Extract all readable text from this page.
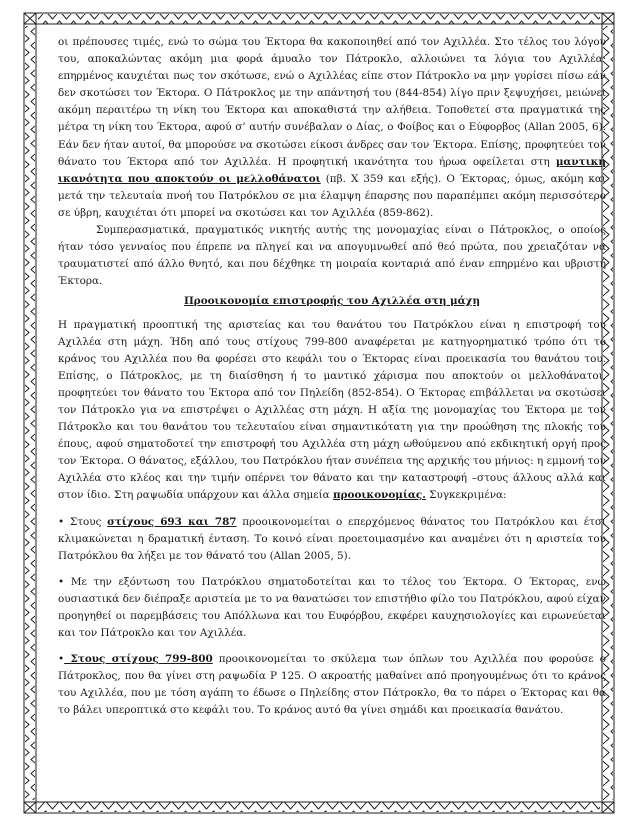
οι πρέπουσες τιμές, ενώ το σώμα του Έκτορα θα κακοποιηθεί από τον Αχιλλέα. Στο τέλος του λόγου του, αποκαλώντας ακόμη μια φορά άμυαλο τον Πάτροκλο, αλλοιώνει τα λόγια του Αχιλλέα· επηρμένος καυχιέται πως τον σκότωσε, ενώ ο Αχιλλέας είπε στον Πάτροκλο να μην γυρίσει πίσω εάν δεν σκοτώσει τον Έκτορα. Ο Πάτροκλος με την απάντησή του (844-854) λίγο πριν ξεψυχήσει, μειώνει ακόμη περαιτέρω τη νίκη του Έκτορα και αποκαθιστά την αλήθεια. Τοποθετεί στα πραγματικά της μέτρα τη νίκη του Έκτορα, αφού σ’ αυτήν συνέβαλαν ο Δίας, ο Φοίβος και ο Εύφορβος (Allan 2005, 6). Εάν δεν ήταν αυτοί, θα μπορούσε να σκοτώσει είκοσι άνδρες σαν τον Έκτορα. Επίσης, προφητεύει τον θάνατο του Έκτορα από τον Αχιλλέα. Η προφητική ικανότητα του ήρωα οφείλεται στη μαντική ικανότητα που αποκτούν οι μελλοθάνατοι (πβ. Χ 359 και εξής). Ο Έκτορας, όμως, ακόμη και μετά την τελευταία πνοή του Πατρόκλου σε μια έλαμψη έπαρσης που παραπέμπει ακόμη περισσότερο σε ύβρη, καυχιέται ότι μπορεί να σκοτώσει και τον Αχιλλέα (859-862).

Συμπερασματικά, πραγματικός νικητής αυτής της μονομαχίας είναι ο Πάτροκλος, ο οποίος ήταν τόσο γενναίος που έπρεπε να πληγεί και να απογυμνωθεί από θεό πρώτα, που χρειαζόταν να τραυματιστεί από άλλο θνητό, και που δέχθηκε τη μοιραία κονταριά από έναν επηρμένο και υβριστή Έκτορα.

Προοικονομία επιστροφής του Αχιλλέα στη μάχη

Η πραγματική προοπτική της αριστείας και του θανάτου του Πατρόκλου είναι η επιστροφή του Αχιλλέα στη μάχη. Ήδη από τους στίχους 799-800 αναφέρεται με κατηγορηματικό τρόπο ότι το κράνος του Αχιλλέα που θα φορέσει στο κεφάλι του ο Έκτορας είναι προεικασία του θανάτου του. Επίσης, ο Πάτροκλος, με τη διαίσθηση ή το μαντικό χάρισμα που αποκτούν οι μελλοθάνατοι, προφητεύει τον θάνατο του Έκτορα από τον Πηλείδη (852-854). Ο Έκτορας επιβάλλεται να σκοτώσει τον Πάτροκλο για να επιστρέψει ο Αχιλλέας στη μάχη. Η αξία της μονομαχίας του Έκτορα με τον Πάτροκλο και του θανάτου του τελευταίου είναι σημαντικότατη για την προώθηση της πλοκής του έπους, αφού σηματοδοτεί την επιστροφή του Αχιλλέα στη μάχη ωθούμενου από εκδικητική οργή προς τον Έκτορα. Ο θάνατος, εξάλλου, του Πατρόκλου ήταν συνέπεια της αρχικής του μήνιος: η εμμονή του Αχιλλέα στο κλέος και την τιμήν οπέρνει τον θάνατο και την καταστροφή –στους άλλους αλλά και στον ίδιο. Στη ραψωδία υπάρχουν και άλλα σημεία προοικονομίας. Συγκεκριμένα:

• Στους στίχους 693 και 787 προοικονομείται ο επερχόμενος θάνατος του Πατρόκλου και έτσι κλιμακώνεται η δραματική ένταση. Το κοινό είναι προετοιμασμένο και αναμένει ότι η αριστεία του Πατρόκλου θα λήξει με τον θάνατό του (Allan 2005, 5).

• Με την εξόντωση του Πατρόκλου σηματοδοτείται και το τέλος του Έκτορα. Ο Έκτορας, ενώ ουσιαστικά δεν διέπραξε αριστεία με το να θανατώσει τον επιστήθιο φίλο του Πατρόκλου, αφού είχαν προηγηθεί οι παρεμβάσεις του Απόλλωνα και του Ευφόρβου, εκφέρει καυχησιολογίες και ειρωνεύεται και τον Πάτροκλο και τον Αχιλλέα.

• Στους στίχους 799-800 προοικονομείται το σκύλεμα των όπλων του Αχιλλέα που φορούσε ο Πάτροκλος, που θα γίνει στη ραψωδία Ρ 125. Ο ακροατής μαθαίνει από προηγουμένως ότι το κράνος του Αχιλλέα, που με τόση αγάπη το έδωσε ο Πηλείδης στον Πάτροκλο, θα το πάρει ο Έκτορας και θα το βάλει υπεροπτικά στο κεφάλι του. Το κράνος αυτό θα γίνει σημάδι και προεικασία θανάτου.
